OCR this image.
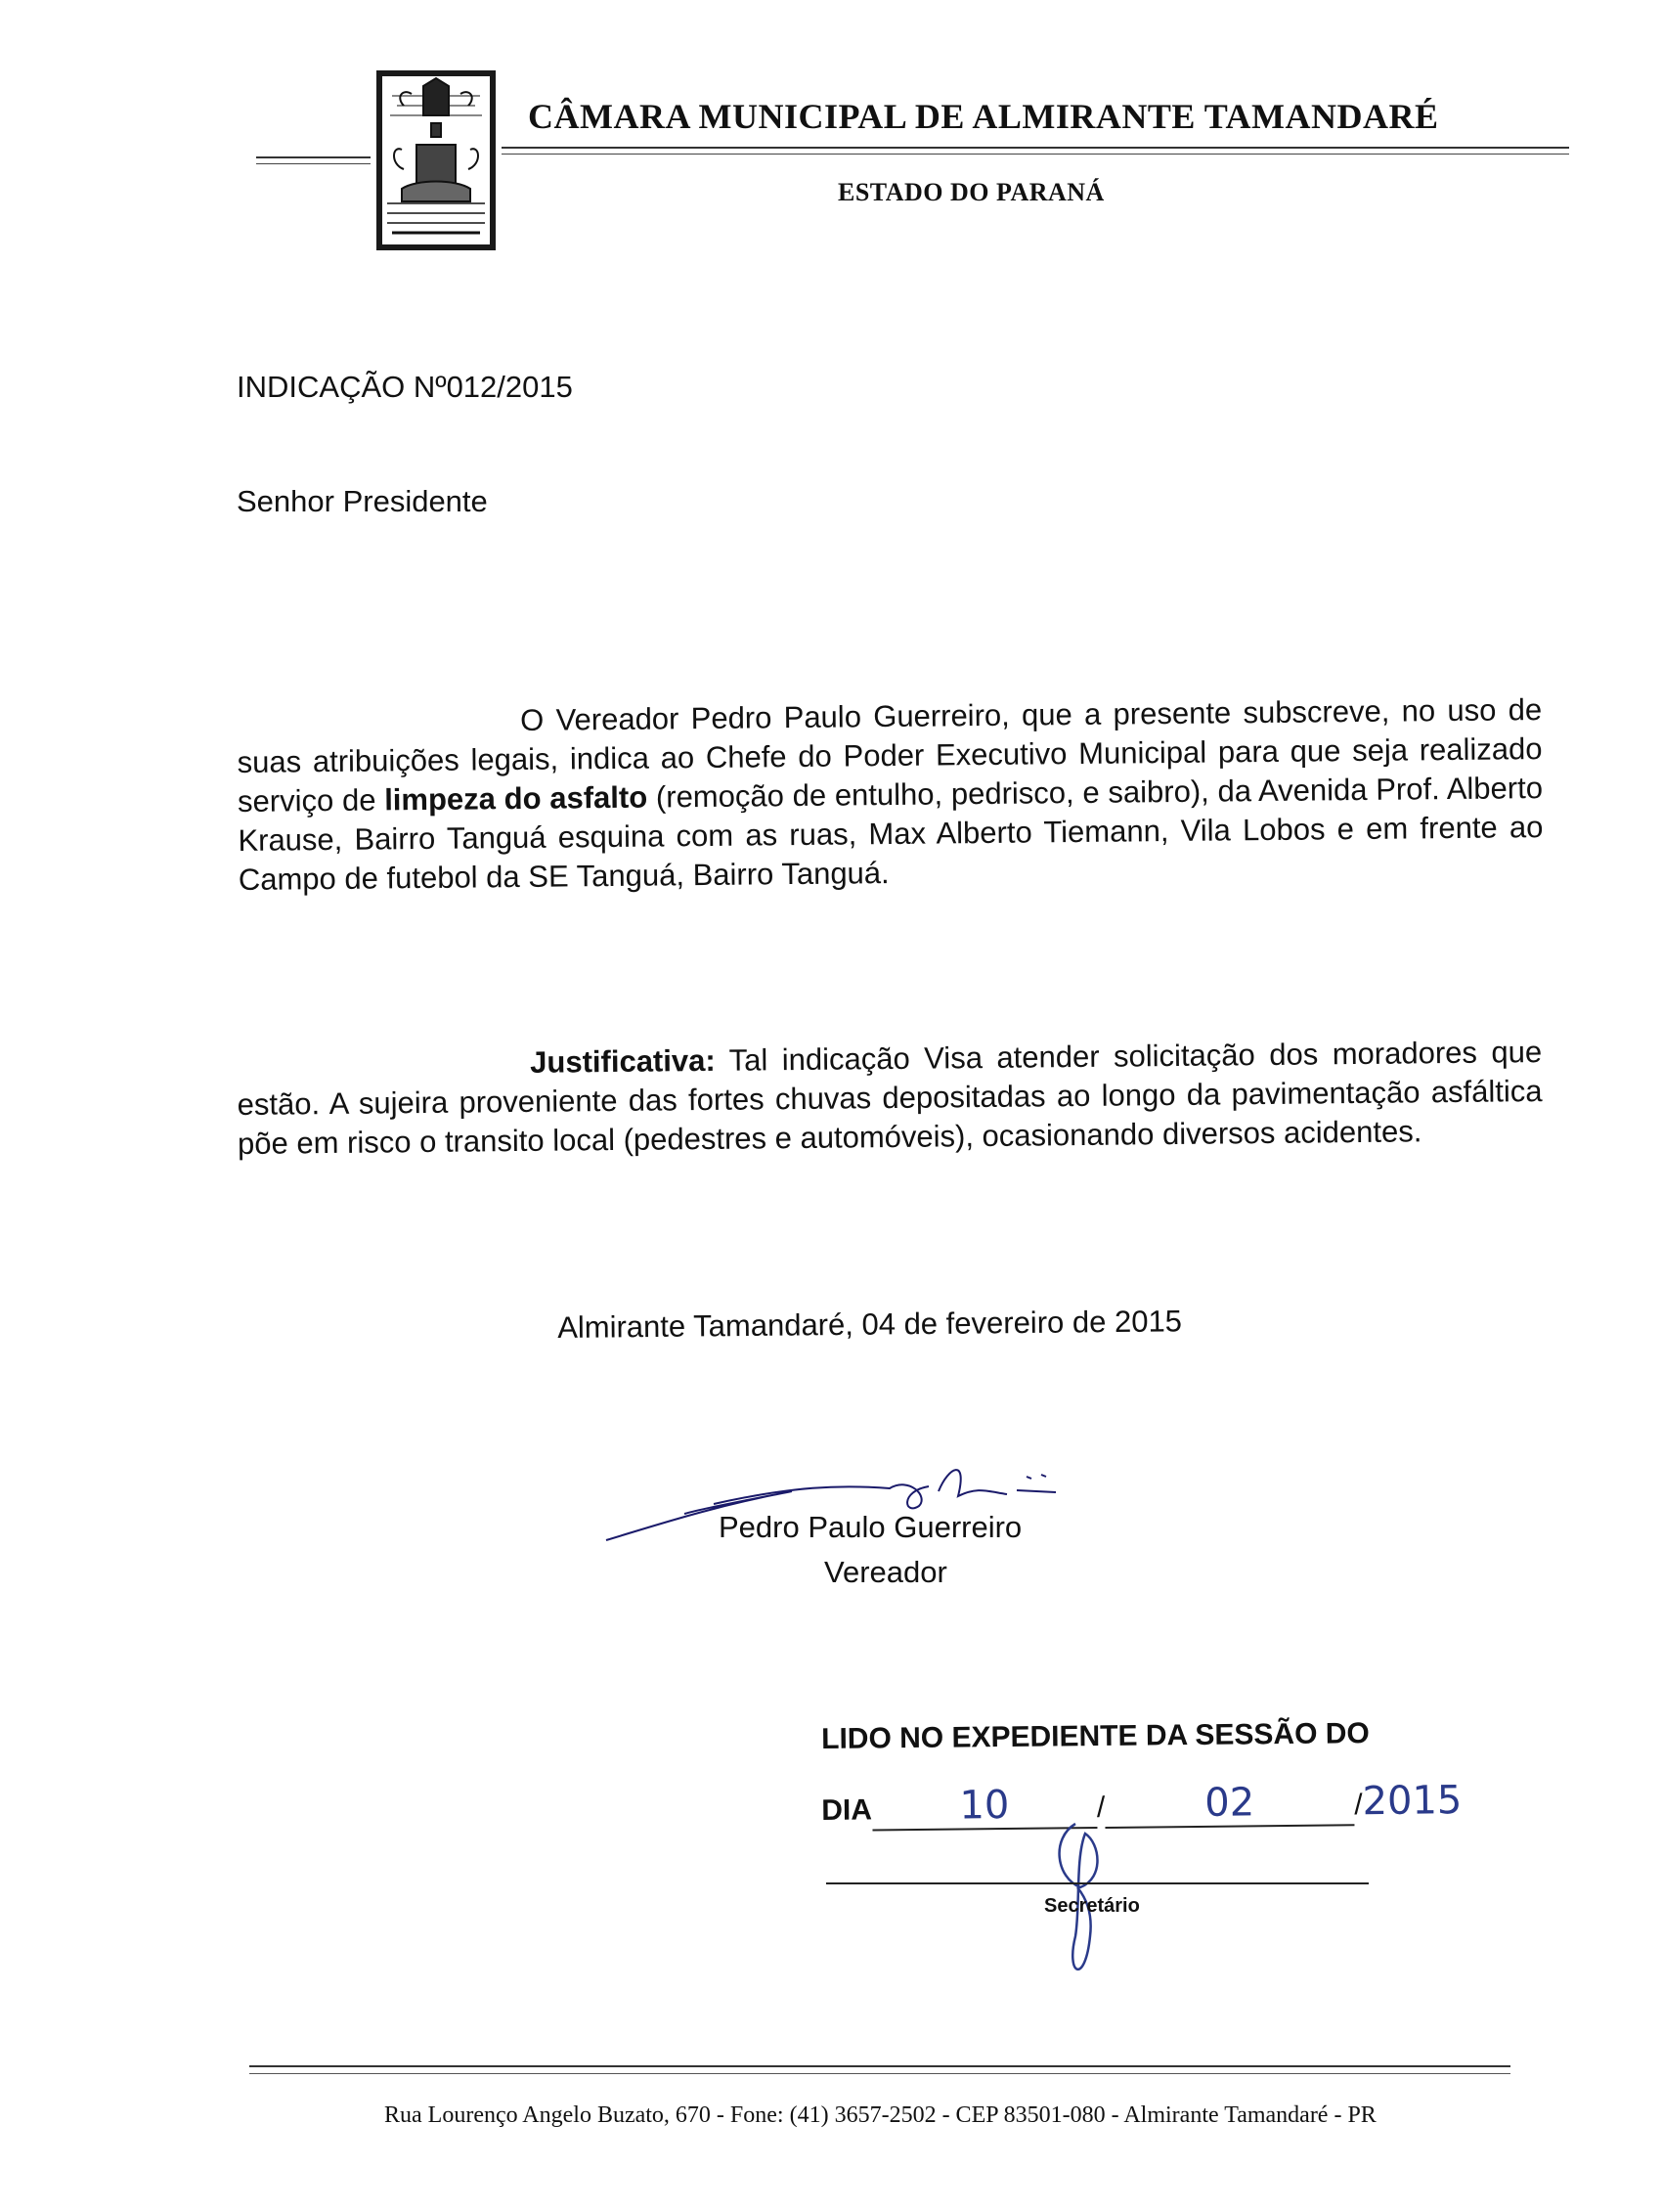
CÂMARA MUNICIPAL DE ALMIRANTE TAMANDARÉ
ESTADO DO PARANÁ
INDICAÇÃO Nº012/2015
Senhor Presidente
O Vereador Pedro Paulo Guerreiro, que a presente subscreve, no uso de suas atribuições legais, indica ao Chefe do Poder Executivo Municipal para que seja realizado serviço de limpeza do asfalto (remoção de entulho, pedrisco, e saibro), da Avenida Prof. Alberto Krause, Bairro Tanguá esquina com as ruas, Max Alberto Tiemann, Vila Lobos e em frente ao Campo de futebol da SE Tanguá, Bairro Tanguá.
Justificativa: Tal indicação Visa atender solicitação dos moradores que estão. A sujeira proveniente das fortes chuvas depositadas ao longo da pavimentação asfáltica põe em risco o transito local (pedestres e automóveis), ocasionando diversos acidentes.
Almirante Tamandaré, 04 de fevereiro de 2015
Pedro Paulo Guerreiro
Vereador
LIDO NO EXPEDIENTE DA SESSÃO DO
DIA 10	/	02	/2015
Secretário
Rua Lourenço Angelo Buzato, 670 - Fone: (41) 3657-2502 - CEP 83501-080 - Almirante Tamandaré - PR
